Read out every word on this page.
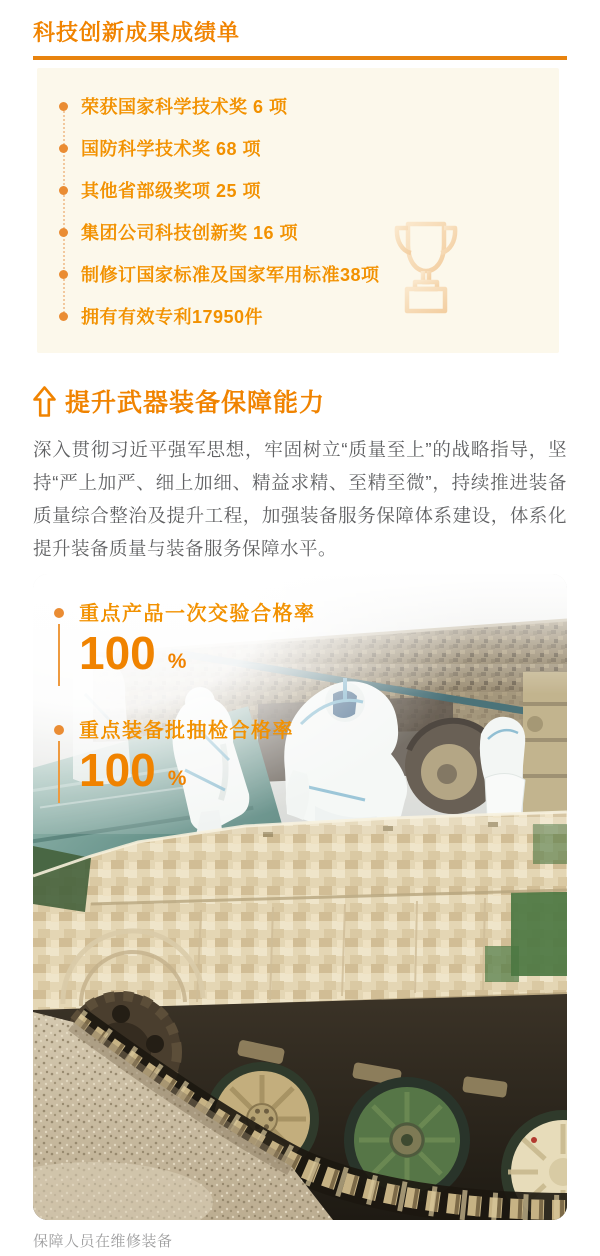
科技创新成果成绩单
荣获国家科学技术奖 6 项
国防科学技术奖 68 项
其他省部级奖项 25 项
集团公司科技创新奖 16 项
制修订国家标准及国家军用标准38项
拥有有效专利17950件
提升武器装备保障能力

深入贯彻习近平强军思想，牢固树立“质量至上”的战略指导，坚持“严上加严、细上加细、精益求精、至精至微”，持续推进装备质量综合整治及提升工程，加强装备服务保障体系建设，体系化提升装备质量与装备服务保障水平。

重点产品一次交验合格率
100 %
重点装备批抽检合格率
100 %

保障人员在维修装备
